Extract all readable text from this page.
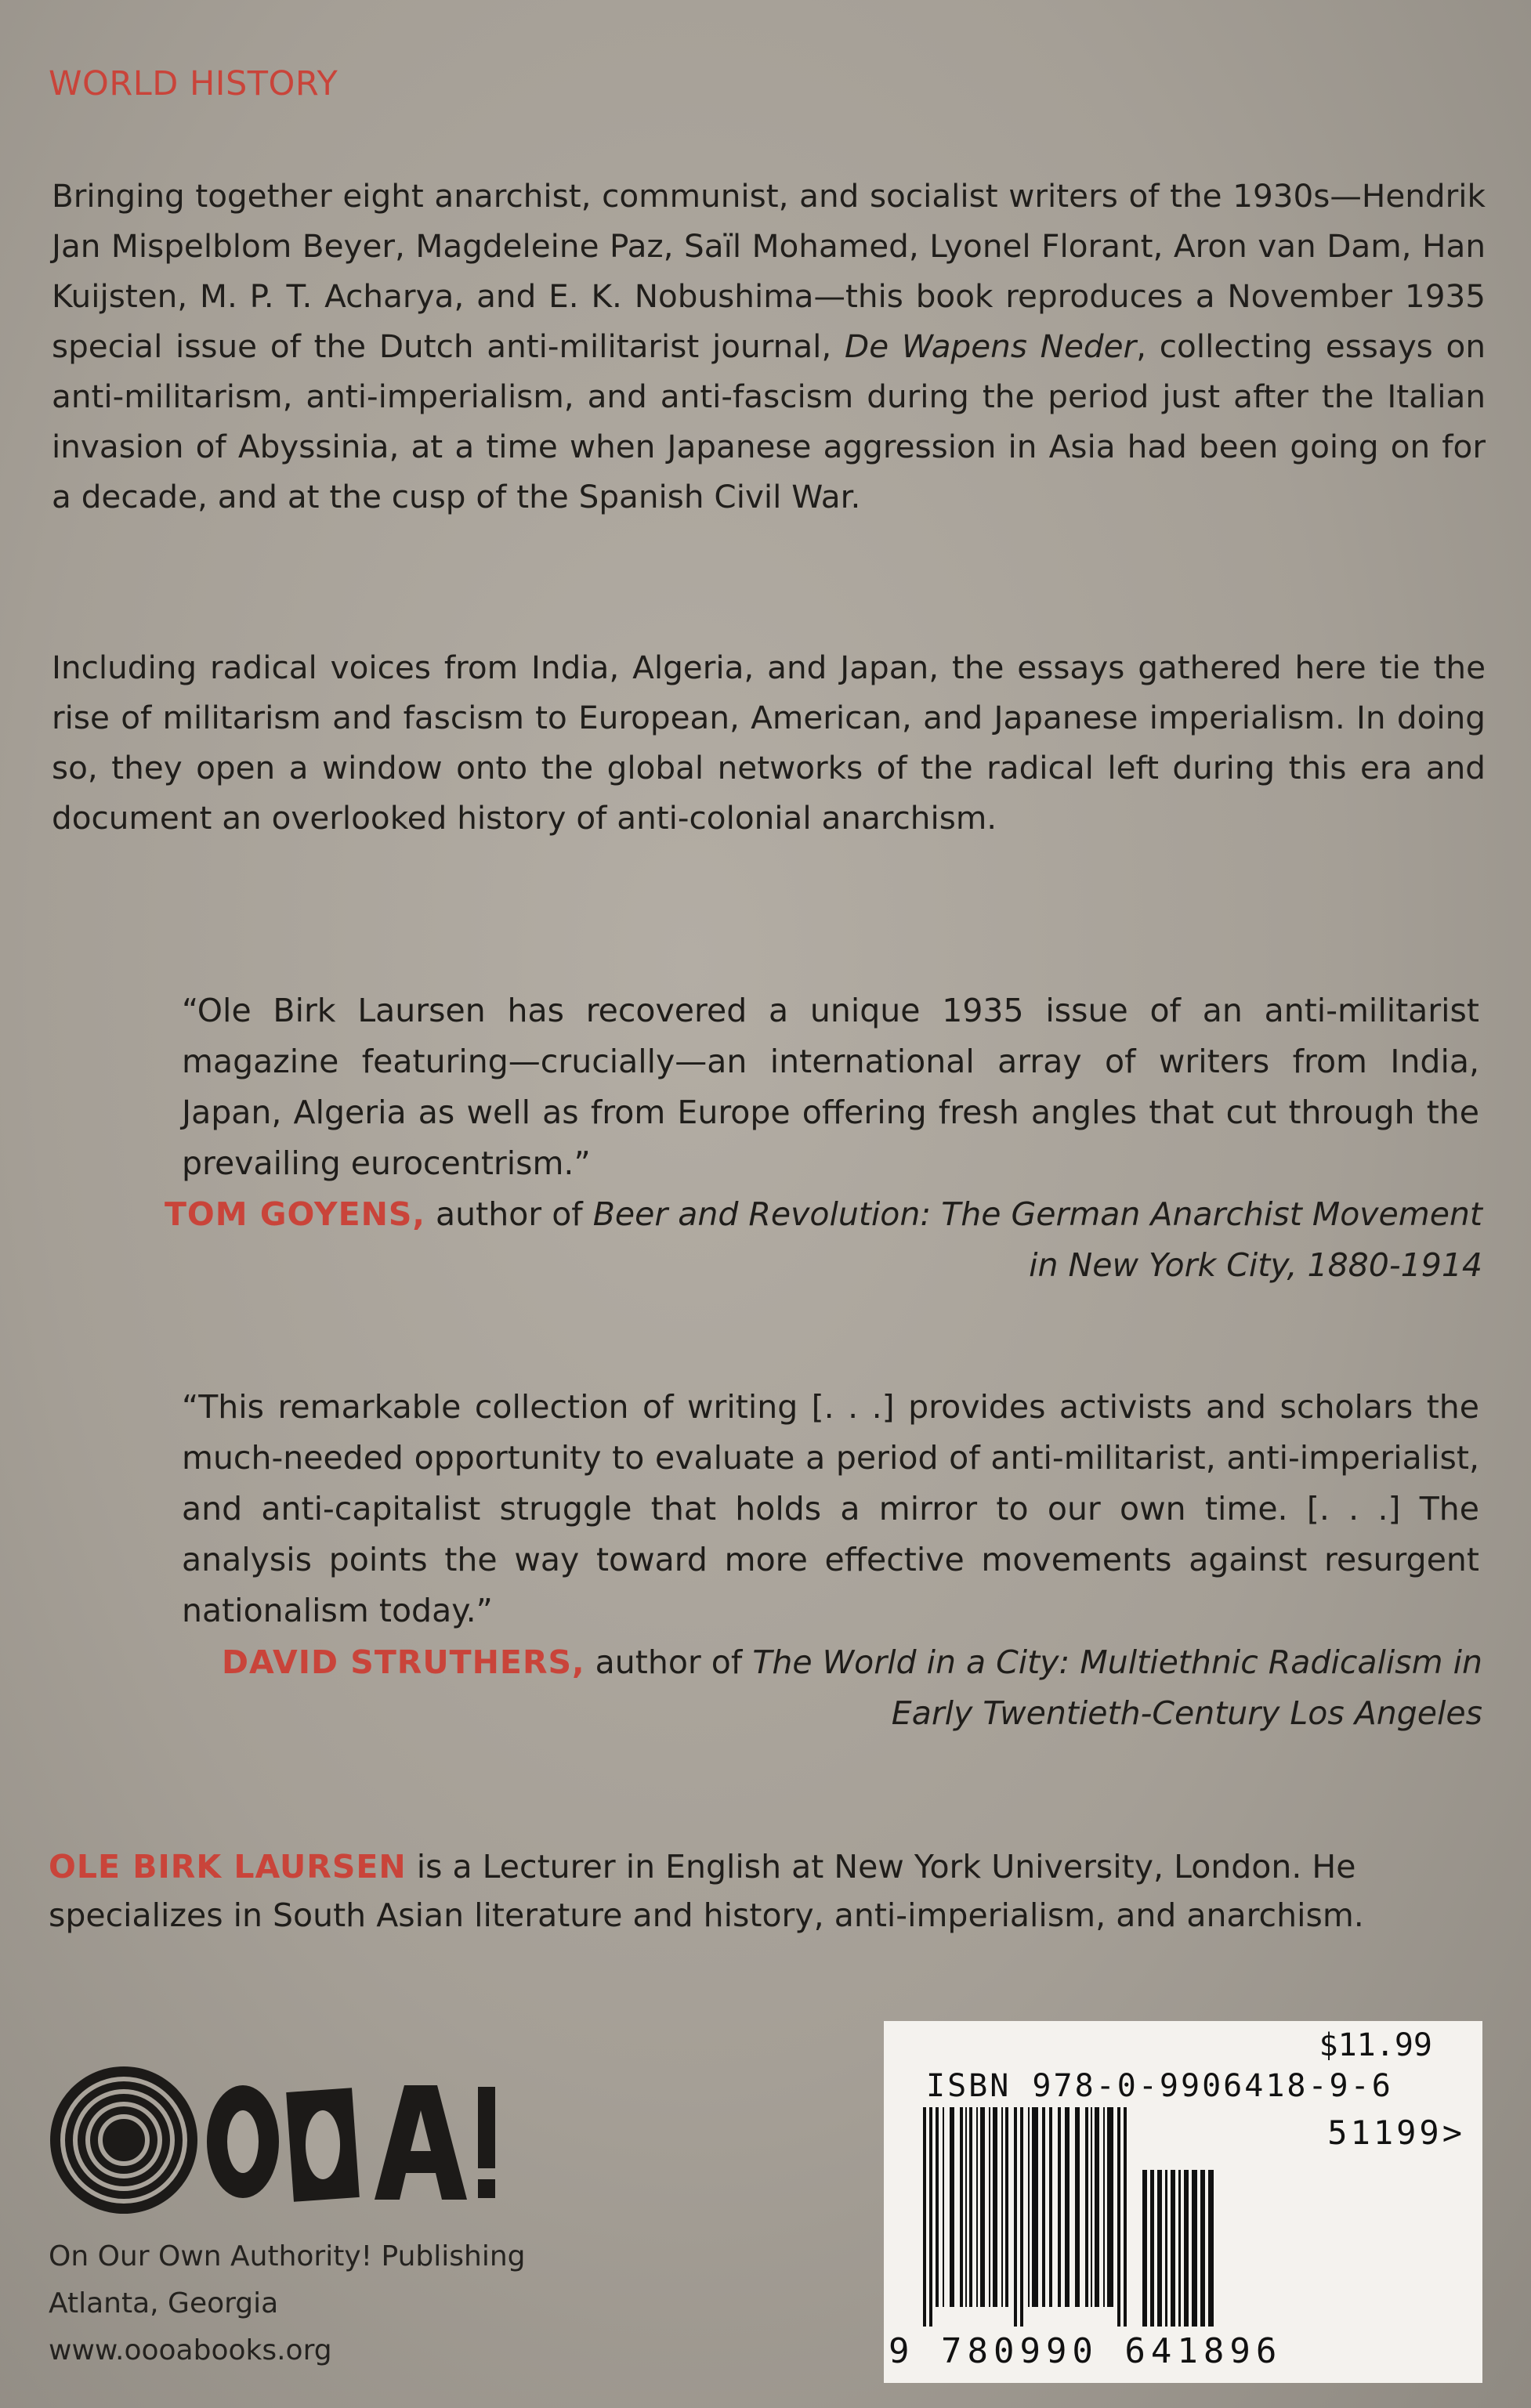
WORLD HISTORY

Bringing together eight anarchist, communist, and socialist writers of the 1930s—Hendrik Jan Mispelblom Beyer, Magdeleine Paz, Saïl Mohamed, Lyonel Florant, Aron van Dam, Han Kuijsten, M. P. T. Acharya, and E. K. Nobushima—this book reproduces a November 1935 special issue of the Dutch anti-militarist journal, De Wapens Neder, collecting essays on anti-militarism, anti-imperialism, and anti-fascism during the period just after the Italian invasion of Abyssinia, at a time when Japanese aggression in Asia had been going on for a decade, and at the cusp of the Spanish Civil War.

Including radical voices from India, Algeria, and Japan, the essays gathered here tie the rise of militarism and fascism to European, American, and Japanese imperialism. In doing so, they open a window onto the global networks of the radical left during this era and document an overlooked history of anti-colonial anarchism.

“Ole Birk Laursen has recovered a unique 1935 issue of an anti-militarist magazine featuring—crucially—an international array of writers from India, Japan, Algeria as well as from Europe offering fresh angles that cut through the prevailing eurocentrism.”

TOM GOYENS, author of Beer and Revolution: The German Anarchist Movement in New York City, 1880-1914

“This remarkable collection of writing [. . .] provides activists and scholars the much-needed opportunity to evaluate a period of anti-militarist, anti-imperialist, and anti-capitalist struggle that holds a mirror to our own time. [. . .] The analysis points the way toward more effective movements against resurgent nationalism today.”

DAVID STRUTHERS, author of The World in a City: Multiethnic Radicalism in Early Twentieth-Century Los Angeles

OLE BIRK LAURSEN is a Lecturer in English at New York University, London. He specializes in South Asian literature and history, anti-imperialism, and anarchism.

On Our Own Authority! Publishing
Atlanta, Georgia
www.oooabooks.org
$11.99
ISBN 978-0-9906418-9-6
51199>
9 780990 641896
